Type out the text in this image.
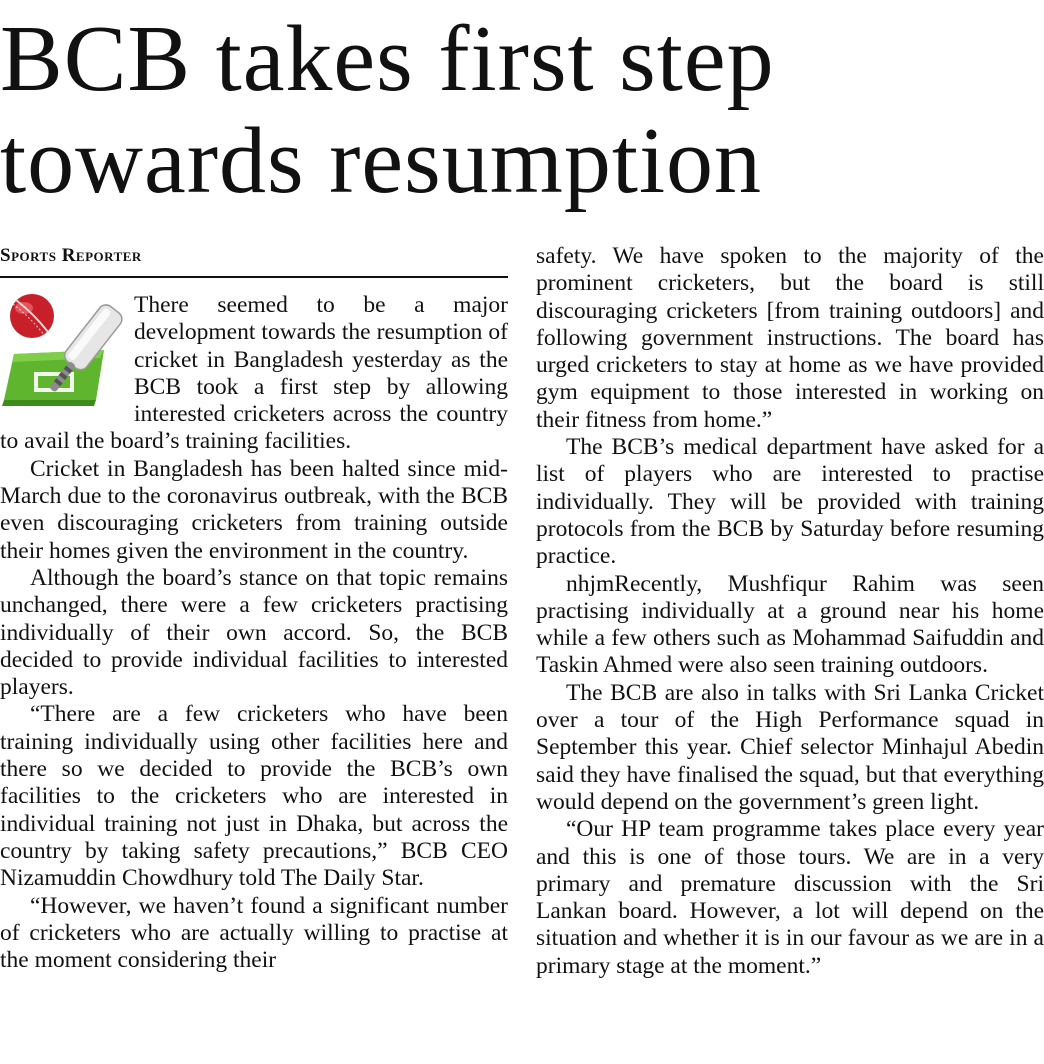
BCB takes first step
towards resumption
Sports Reporter

There seemed to be a major development towards the resumption of cricket in Bangladesh yesterday as the BCB took a first step by allowing interested cricketers across the country to avail the board’s training facilities.

Cricket in Bangladesh has been halted since mid-March due to the coronavirus outbreak, with the BCB even discouraging cricketers from training outside their homes given the environment in the country.

Although the board’s stance on that topic remains unchanged, there were a few cricketers practising individually of their own accord. So, the BCB decided to provide individual facilities to interested players.

“There are a few cricketers who have been training individually using other facilities here and there so we decided to provide the BCB’s own facilities to the cricketers who are interested in individual training not just in Dhaka, but across the country by taking safety precautions,” BCB CEO Nizamuddin Chowdhury told The Daily Star.

“However, we haven’t found a significant number of cricketers who are actually willing to practise at the moment considering their

safety. We have spoken to the majority of the prominent cricketers, but the board is still discouraging cricketers [from training outdoors] and following government instructions. The board has urged cricketers to stay at home as we have provided gym equipment to those interested in working on their fitness from home.”

The BCB’s medical department have asked for a list of players who are interested to practise individually. They will be provided with training protocols from the BCB by Saturday before resuming practice.

nhjmRecently, Mushfiqur Rahim was seen practising individually at a ground near his home while a few others such as Mohammad Saifuddin and Taskin Ahmed were also seen training outdoors.

The BCB are also in talks with Sri Lanka Cricket over a tour of the High Performance squad in September this year. Chief selector Minhajul Abedin said they have finalised the squad, but that everything would depend on the government’s green light.

“Our HP team programme takes place every year and this is one of those tours. We are in a very primary and premature discussion with the Sri Lankan board. However, a lot will depend on the situation and whether it is in our favour as we are in a primary stage at the moment.”
